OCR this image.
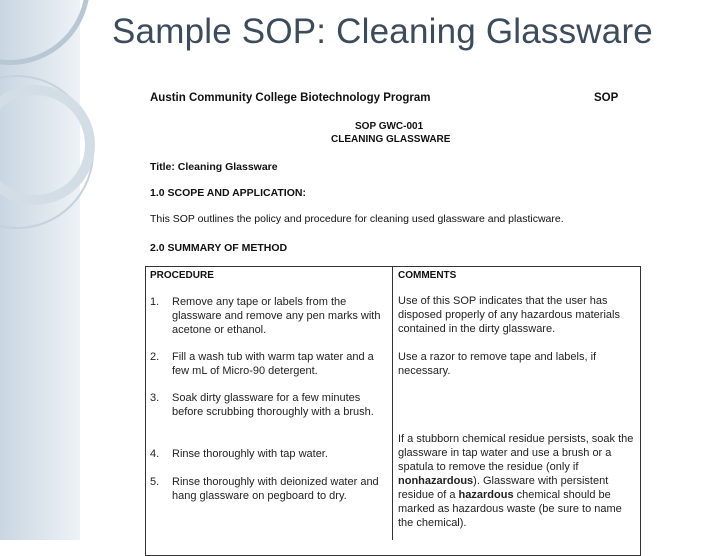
Sample SOP: Cleaning Glassware
Austin Community College Biotechnology Program	SOP
SOP GWC-001
CLEANING GLASSWARE
Title: Cleaning Glassware
1.0 SCOPE AND APPLICATION:
This SOP outlines the policy and procedure for cleaning used glassware and plasticware.
2.0 SUMMARY OF METHOD
PROCEDURE	COMMENTS
1. Remove any tape or labels from the glassware and remove any pen marks with acetone or ethanol.
2. Fill a wash tub with warm tap water and a few mL of Micro-90 detergent.
3. Soak dirty glassware for a few minutes before scrubbing thoroughly with a brush.
4. Rinse thoroughly with tap water.
5. Rinse thoroughly with deionized water and hang glassware on pegboard to dry.
Use of this SOP indicates that the user has disposed properly of any hazardous materials contained in the dirty glassware.
Use a razor to remove tape and labels, if necessary.
If a stubborn chemical residue persists, soak the glassware in tap water and use a brush or a spatula to remove the residue (only if nonhazardous). Glassware with persistent residue of a hazardous chemical should be marked as hazardous waste (be sure to name the chemical).
